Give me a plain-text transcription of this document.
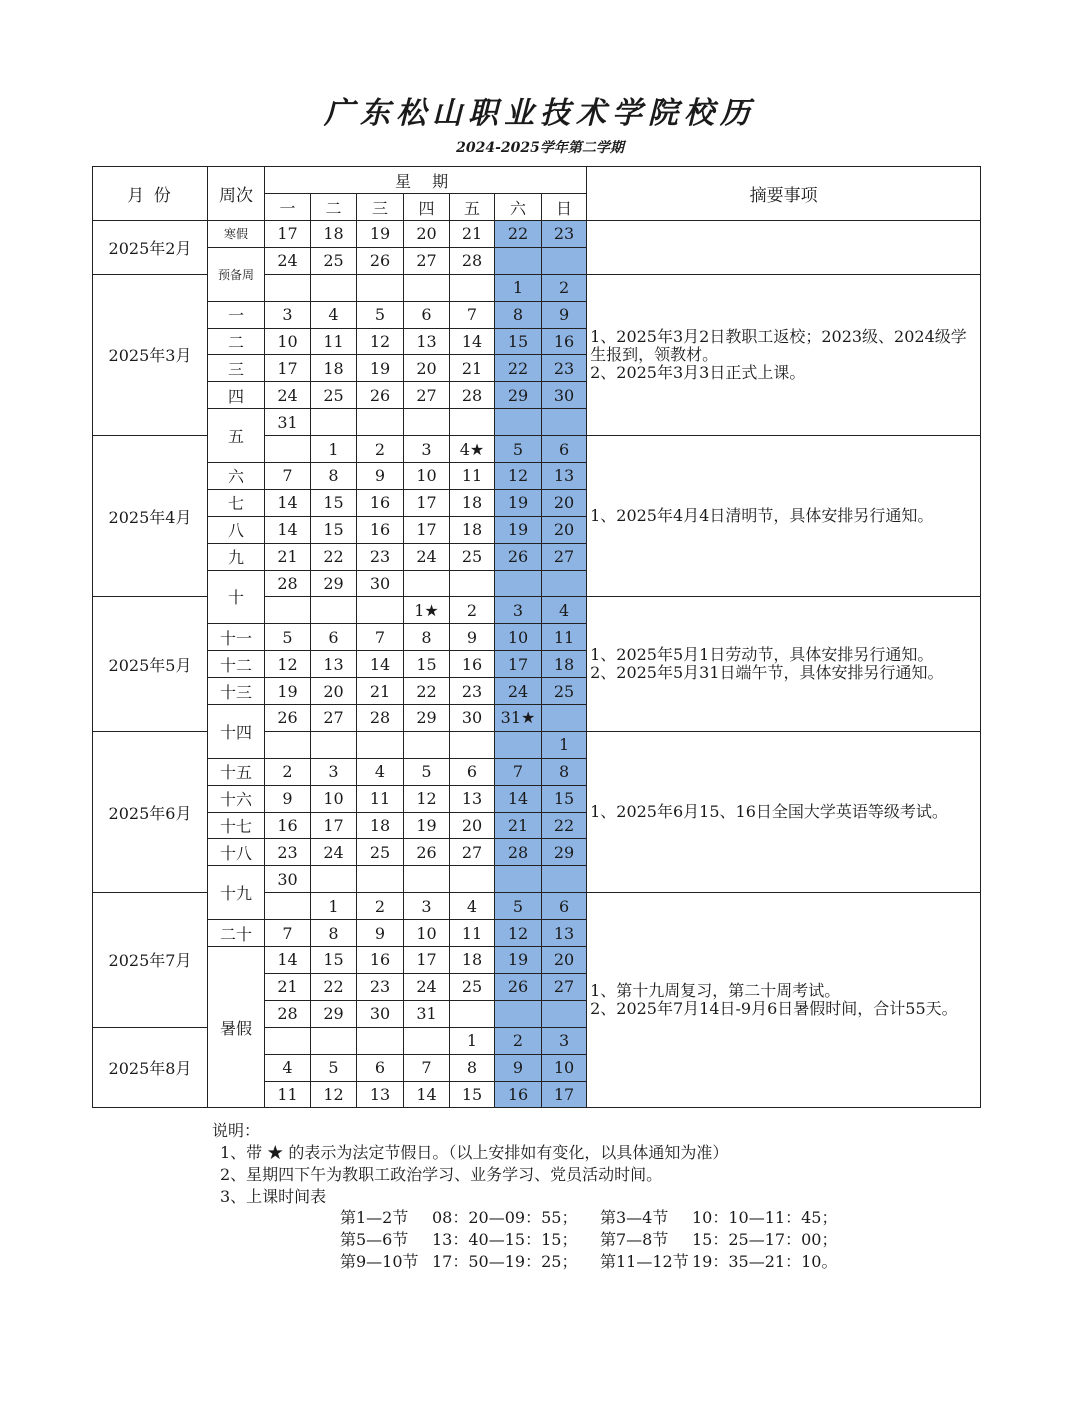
广东松山职业技术学院校历
2024-2025学年第二学期
月 份	周次	星 期							摘要事项
		一	二	三	四	五	六	日	
2025年2月	寒假	17	18	19	20	21	22	23	
	预备周	24	25	26	27	28			
2025年3月							1	2	1、2025年3月2日教职工返校；2023级、2024级学生报到，领教材。
2、2025年3月3日正式上课。

	一	3	4	5	6	7	8	9	
	二	10	11	12	13	14	15	16	
	三	17	18	19	20	21	22	23	
	四	24	25	26	27	28	29	30	
	五	31							
2025年4月			1	2	3	4★	5	6	1、2025年4月4日清明节，具体安排另行通知。

	六	7	8	9	10	11	12	13	
	七	14	15	16	17	18	19	20	
	八	14	15	16	17	18	19	20	
	九	21	22	23	24	25	26	27	
	十	28	29	30					
2025年5月					1★	2	3	4	1、2025年5月1日劳动节，具体安排另行通知。
2、2025年5月31日端午节，具体安排另行通知。

	十一	5	6	7	8	9	10	11	
	十二	12	13	14	15	16	17	18	
	十三	19	20	21	22	23	24	25	
	十四	26	27	28	29	30	31★		
2025年6月								1	1、2025年6月15、16日全国大学英语等级考试。

	十五	2	3	4	5	6	7	8	
	十六	9	10	11	12	13	14	15	
	十七	16	17	18	19	20	21	22	
	十八	23	24	25	26	27	28	29	
	十九	30							
2025年7月			1	2	3	4	5	6	1、第十九周复习，第二十周考试。
2、2025年7月14日-9月6日暑假时间，合计55天。

	二十	7	8	9	10	11	12	13	
	暑假	14	15	16	17	18	19	20	
		21	22	23	24	25	26	27	
		28	29	30	31				
2025年8月						1	2	3	
		4	5	6	7	8	9	10	
		11	12	13	14	15	16	17	
说明：
1、带 ★ 的表示为法定节假日。（以上安排如有变化，以具体通知为准）
2、星期四下午为教职工政治学习、业务学习、党员活动时间。
3、上课时间表
第1—2节 08：20—09：55； 第3—4节 10：10—11：45；
第5—6节 13：40—15：15； 第7—8节 15：25—17：00；
第9—10节 17：50—19：25； 第11—12节 19：35—21：10。
